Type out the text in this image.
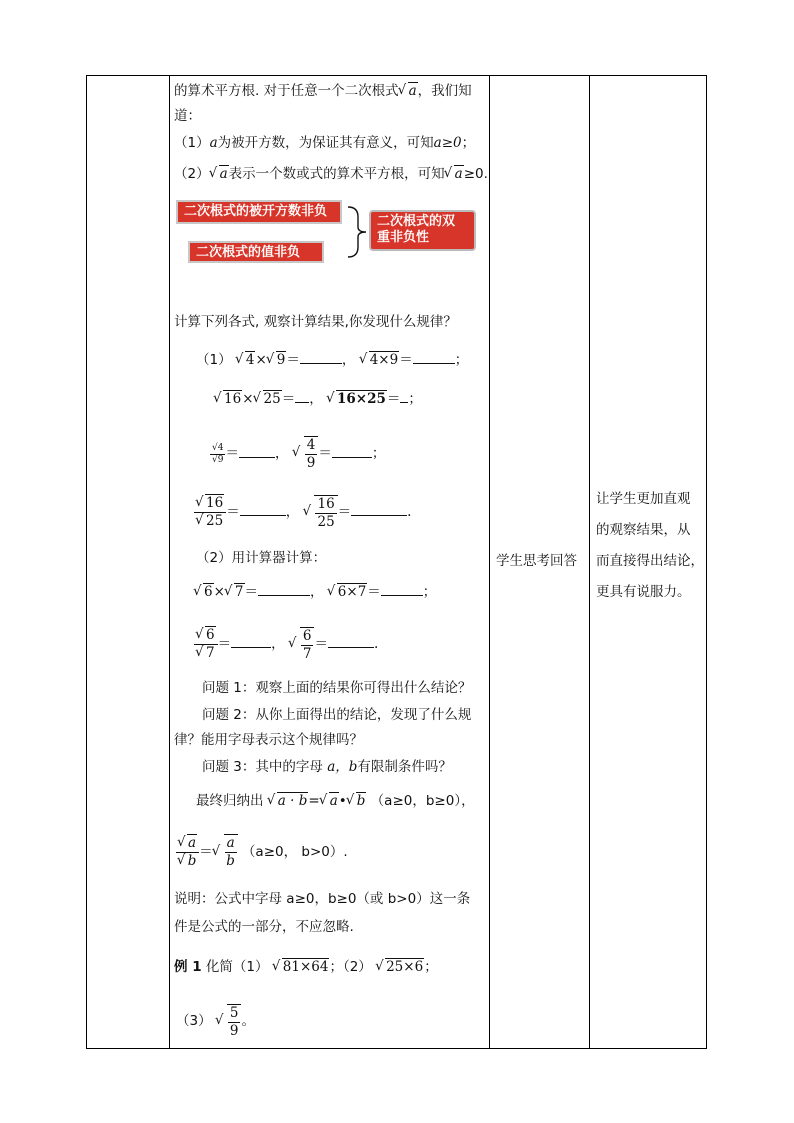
的算术平方根. 对于任意一个二次根式 √ a，我们知
道：
（1）a为被开方数，为保证其有意义，可知a≥0；
（2） √ a表示一个数或式的算术平方根，可知 √ a≥0.
二次根式的被开方数非负
二次根式的值非负
二次根式的双
重非负性
计算下列各式, 观察计算结果,你发现什么规律？
（1） √ 4× √ 9＝	， √ 4×9＝	；
√ 16× √ 25＝ ， √ 16×25＝ ；
$\frac{√4}{√9}$ ＝	， √ $\frac{4}{9}$ ＝	；
√ 16
√ 25 ＝	， √ $\frac{16}{25}$ ＝	.
（2）用计算器计算：
√ 6× √ 7＝	， √ 6×7＝	；
√ 6
√ 7 ＝	， √ $\frac{6}{7}$ ＝	.
问题 1：观察上面的结果你可得出什么结论？
问题 2：从你上面得出的结论，发现了什么规
律？能用字母表示这个规律吗？
问题 3：其中的字母 a，b有限制条件吗？
最终归纳出 √ a · b= √ a• √ b （a≥0，b≥0），
√ a
√ b ＝ √ $\frac{a}{b} (a\ge 0$， b>0）.
说明：公式中字母 a≥0，b≥0（或 b>0）这一条
件是公式的一部分，不应忽略.
例 1 化简（1） √ 81×64；（2） √ 25×6；
（3） √ $\frac{5}{9}$ 。
学生思考回答
让学生更加直观
的观察结果，从
而直接得出结论，
更具有说服力。
